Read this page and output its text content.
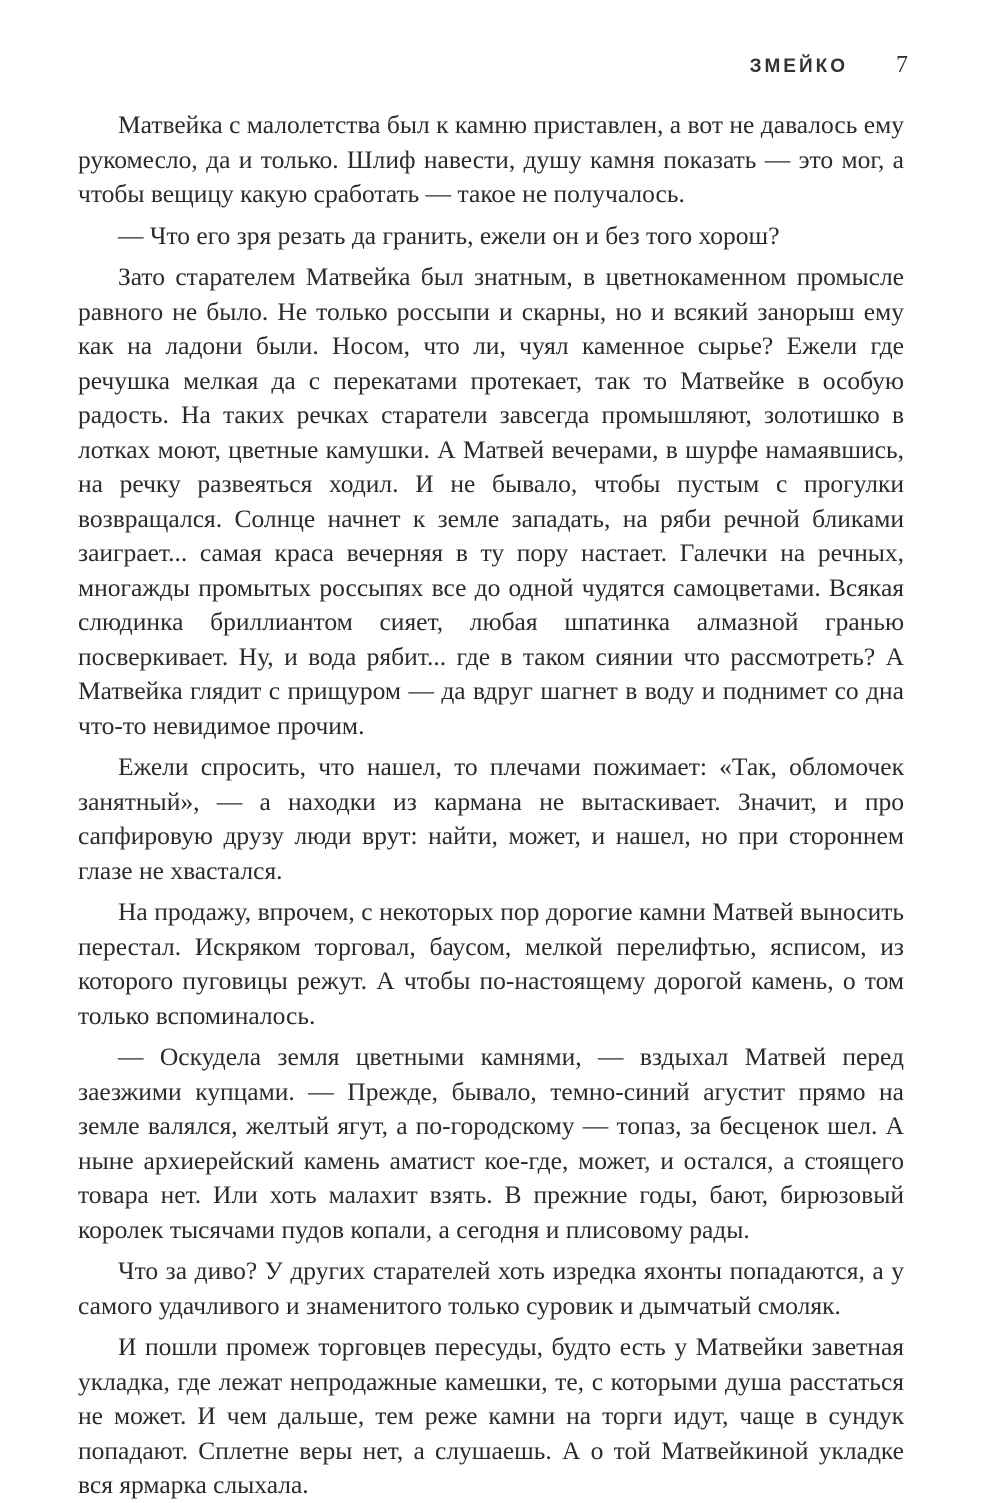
ЗМЕЙКО 7

Матвейка с малолетства был к камню приставлен, а вот не давалось ему рукомесло, да и только. Шлиф навести, душу камня показать — это мог, а чтобы вещицу какую сработать — такое не получалось.

— Что его зря резать да гранить, ежели он и без того хорош?

Зато старателем Матвейка был знатным, в цветнокаменном промысле равного не было. Не только россыпи и скарны, но и всякий занорыш ему как на ладони были. Носом, что ли, чуял каменное сырье? Ежели где речушка мелкая да с перекатами протекает, так то Матвейке в особую радость. На таких речках старатели завсегда промышляют, золотишко в лотках моют, цветные камушки. А Матвей вечерами, в шурфе намаявшись, на речку развеяться ходил. И не бывало, чтобы пустым с прогулки возвращался. Солнце начнет к земле западать, на ряби речной бликами заиграет... самая краса вечерняя в ту пору настает. Галечки на речных, многажды промытых россыпях все до одной чудятся самоцветами. Всякая слюдинка бриллиантом сияет, любая шпатинка алмазной гранью посверкивает. Ну, и вода рябит... где в таком сиянии что рассмотреть? А Матвейка глядит с прищуром — да вдруг шагнет в воду и поднимет со дна что-то невидимое прочим.

Ежели спросить, что нашел, то плечами пожимает: «Так, обломочек занятный», — а находки из кармана не вытаскивает. Значит, и про сапфировую друзу люди врут: найти, может, и нашел, но при стороннем глазе не хвастался.

На продажу, впрочем, с некоторых пор дорогие камни Матвей выносить перестал. Искряком торговал, баусом, мелкой перелифтью, ясписом, из которого пуговицы режут. А чтобы по-настоящему дорогой камень, о том только вспоминалось.

— Оскудела земля цветными камнями, — вздыхал Матвей перед заезжими купцами. — Прежде, бывало, темно-синий агустит прямо на земле валялся, желтый ягут, а по-городскому — топаз, за бесценок шел. А ныне архиерейский камень аматист кое-где, может, и остался, а стоящего товара нет. Или хоть малахит взять. В прежние годы, бают, бирюзовый королек тысячами пудов копали, а сегодня и плисовому рады.

Что за диво? У других старателей хоть изредка яхонты попадаются, а у самого удачливого и знаменитого только суровик и дымчатый смоляк.

И пошли промеж торговцев пересуды, будто есть у Матвейки заветная укладка, где лежат непродажные камешки, те, с которыми душа расстаться не может. И чем дальше, тем реже камни на торги идут, чаще в сундук попадают. Сплетне веры нет, а слушаешь. А о той Матвейкиной укладке вся ярмарка слыхала.
